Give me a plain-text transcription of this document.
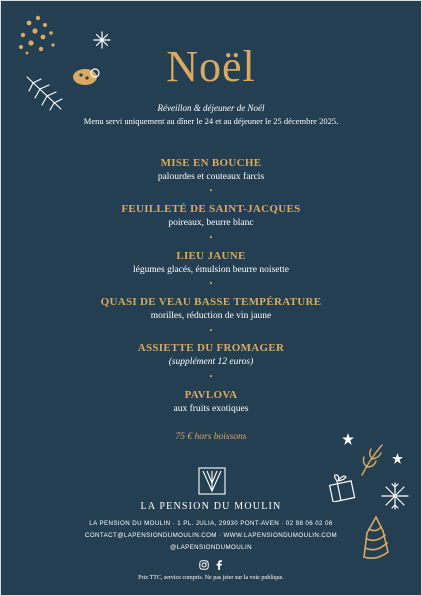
Noël
Réveillon & déjeuner de Noël
Menu servi uniquement au dîner le 24 et au déjeuner le 25 décembre 2025.
MISE EN BOUCHE
palourdes et couteaux farcis
•
FEUILLETÉ DE SAINT-JACQUES
poireaux, beurre blanc
•
LIEU JAUNE
légumes glacés, émulsion beurre noisette
•
QUASI DE VEAU BASSE TEMPÉRATURE
morilles, réduction de vin jaune
•
ASSIETTE DU FROMAGER
(supplément 12 euros)
•
PAVLOVA
aux fruits exotiques
75 € hors boissons
LA PENSION DU MOULIN
LA PENSION DU MOULIN · 1 PL. JULIA, 29930 PONT-AVEN · 02 98 06 02 06
CONTACT@LAPENSIONDUMOULIN.COM · WWW.LAPENSIONDUMOULIN.COM
@LAPENSIONDUMOULIN

Prix TTC, service compris. Ne pas jeter sur la voie publique.
